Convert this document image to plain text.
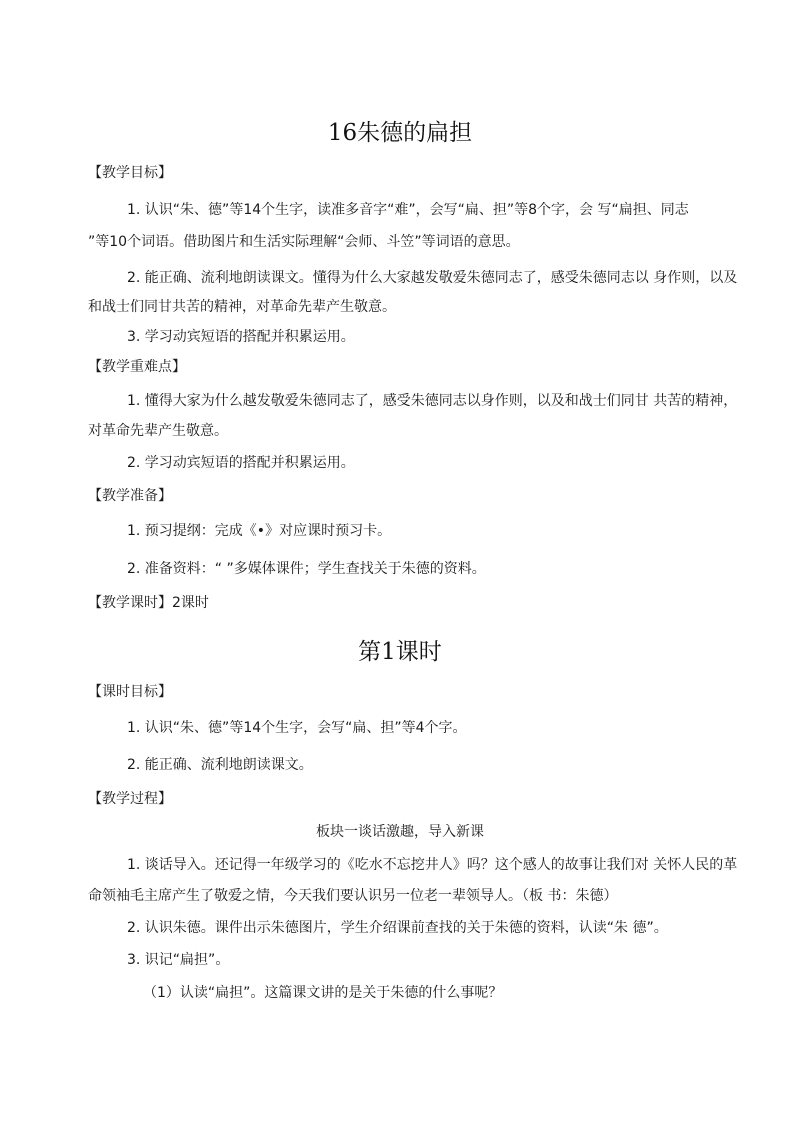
16朱德的扁担
【教学目标】
1. 认识“朱、德”等14个生字，读准多音字“难”，会写“扁、担”等8个字，会 写“扁担、同志
”等10个词语。借助图片和生活实际理解“会师、斗笠”等词语的意思。
2. 能正确、流利地朗读课文。懂得为什么大家越发敬爱朱德同志了，感受朱德同志以 身作则，以及
和战士们同甘共苦的精神，对革命先辈产生敬意。
3. 学习动宾短语的搭配并积累运用。
【教学重难点】
1. 懂得大家为什么越发敬爱朱德同志了，感受朱德同志以身作则，以及和战士们同甘 共苦的精神，
对革命先辈产生敬意。
2. 学习动宾短语的搭配并积累运用。
【教学准备】
1. 预习提纲：完成《•》对应课时预习卡。
2. 准备资料：“ ”多媒体课件；学生查找关于朱德的资料。
【教学课时】2课时
第1课时
【课时目标】
1. 认识“朱、德”等14个生字，会写“扁、担”等4个字。
2. 能正确、流利地朗读课文。
【教学过程】
板块一谈话激趣，导入新课
1. 谈话导入。还记得一年级学习的《吃水不忘挖井人》吗？这个感人的故事让我们对 关怀人民的革
命领袖毛主席产生了敬爱之情，今天我们要认识另一位老一辈领导人。（板 书：朱德）
2. 认识朱德。课件出示朱德图片，学生介绍课前查找的关于朱德的资料，认读“朱 德”。
3. 识记“扁担”。
（1）认读“扁担”。这篇课文讲的是关于朱德的什么事呢？
